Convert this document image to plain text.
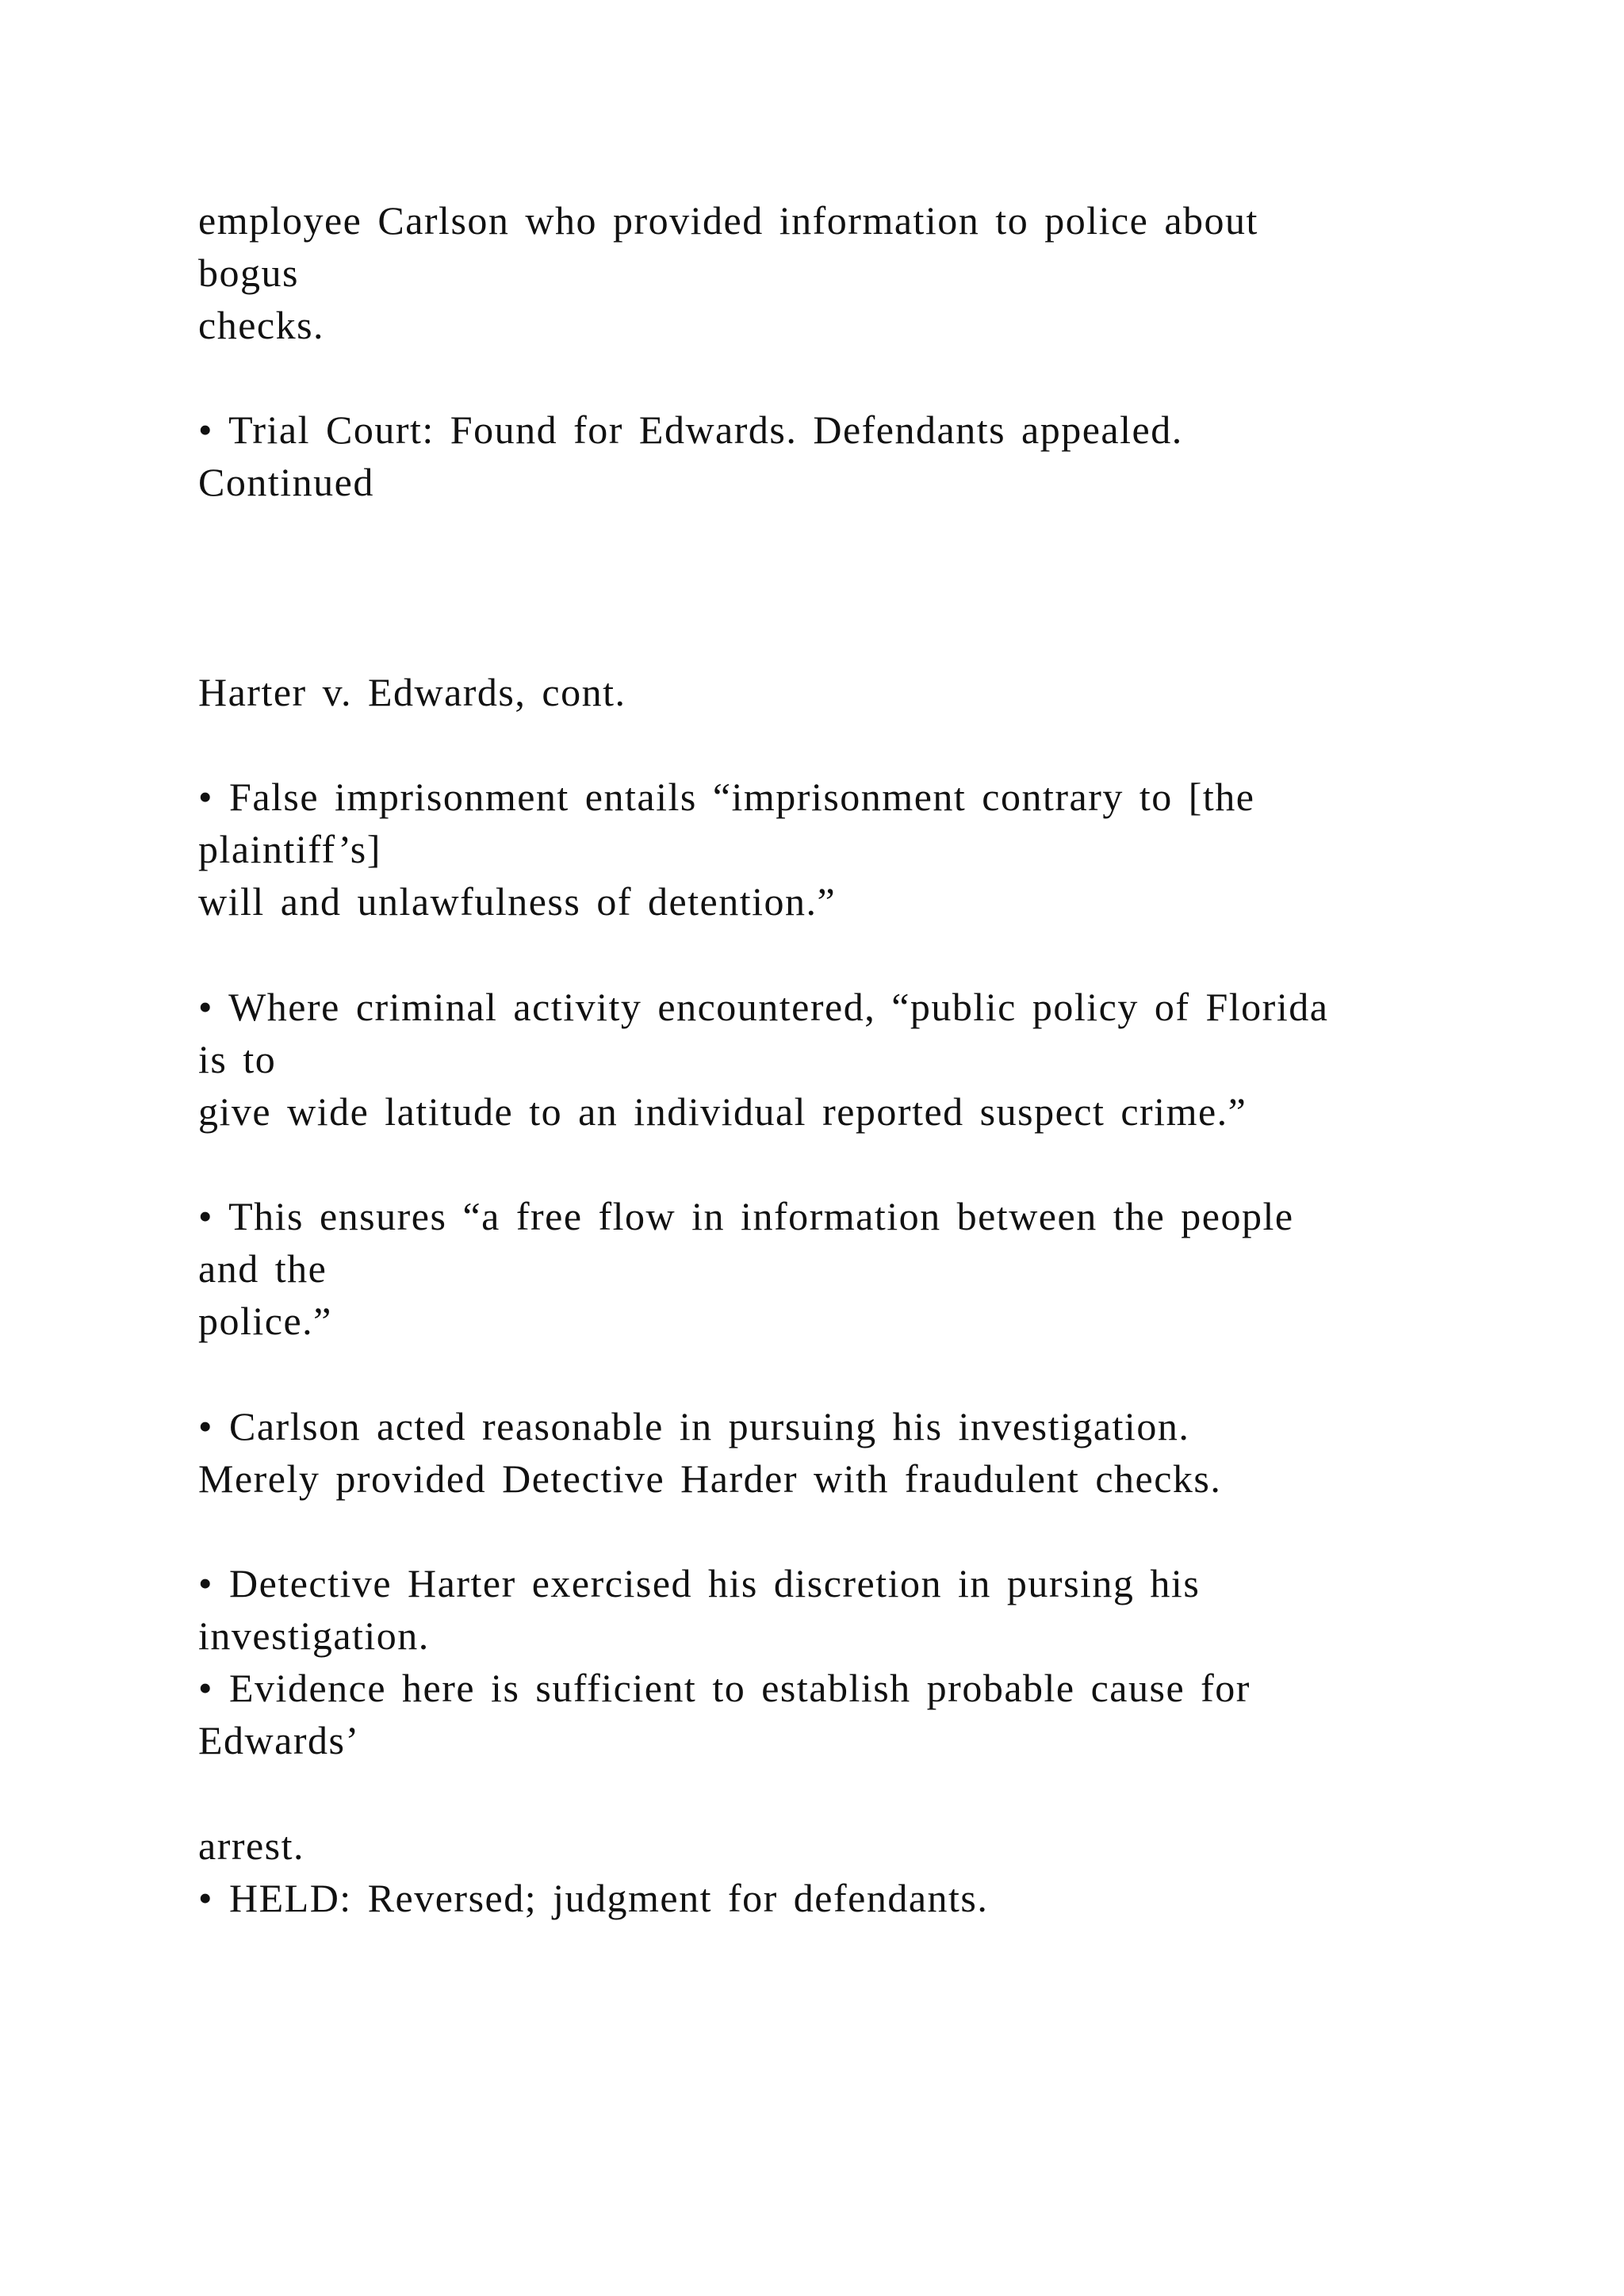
employee Carlson who provided information to police about

bogus

checks.

• Trial Court: Found for Edwards. Defendants appealed.

Continued

Harter v. Edwards, cont.

• False imprisonment entails “imprisonment contrary to [the

plaintiff’s]

will and unlawfulness of detention.”

• Where criminal activity encountered, “public policy of Florida

is to

give wide latitude to an individual reported suspect crime.”

• This ensures “a free flow in information between the people

and the

police.”

• Carlson acted reasonable in pursuing his investigation.

Merely provided Detective Harder with fraudulent checks.

• Detective Harter exercised his discretion in pursing his

investigation.

• Evidence here is sufficient to establish probable cause for

Edwards’

arrest.

• HELD: Reversed; judgment for defendants.
